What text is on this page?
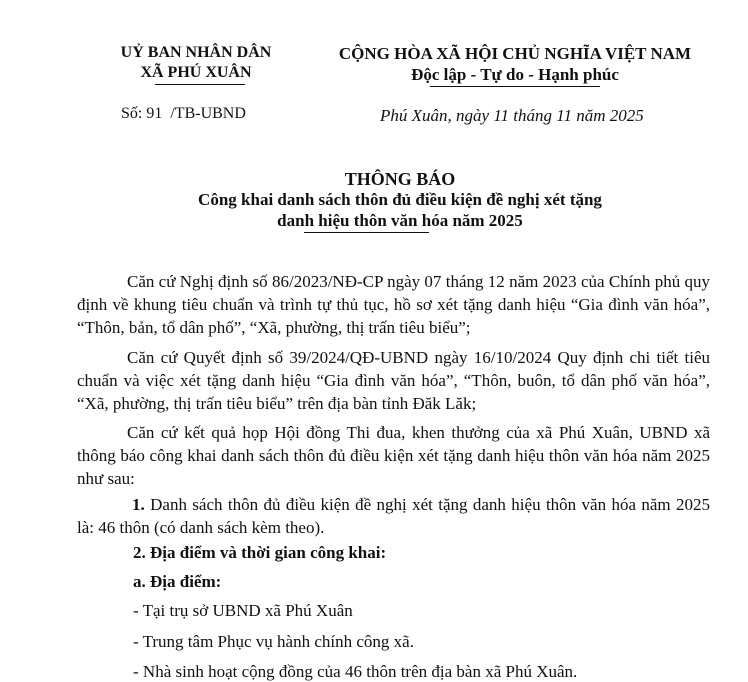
UỶ BAN NHÂN DÂN
XÃ PHÚ XUÂN
Số: 91 /TB-UBND
CỘNG HÒA XÃ HỘI CHỦ NGHĨA VIỆT NAM
Độc lập - Tự do - Hạnh phúc
Phú Xuân, ngày 11 tháng 11 năm 2025
THÔNG BÁO
Công khai danh sách thôn đủ điều kiện đề nghị xét tặng
danh hiệu thôn văn hóa năm 2025
Căn cứ Nghị định số 86/2023/NĐ-CP ngày 07 tháng 12 năm 2023 của Chính phủ quy định về khung tiêu chuẩn và trình tự thủ tục, hồ sơ xét tặng danh hiệu “Gia đình văn hóa”, “Thôn, bản, tổ dân phố”, “Xã, phường, thị trấn tiêu biểu”;
Căn cứ Quyết định số 39/2024/QĐ-UBND ngày 16/10/2024 Quy định chi tiết tiêu chuẩn và việc xét tặng danh hiệu “Gia đình văn hóa”, “Thôn, buôn, tổ dân phố văn hóa”, “Xã, phường, thị trấn tiêu biểu” trên địa bàn tỉnh Đăk Lăk;
Căn cứ kết quả họp Hội đồng Thi đua, khen thưởng của xã Phú Xuân, UBND xã thông báo công khai danh sách thôn đủ điều kiện xét tặng danh hiệu thôn văn hóa năm 2025 như sau:
1. Danh sách thôn đủ điều kiện đề nghị xét tặng danh hiệu thôn văn hóa năm 2025 là: 46 thôn (có danh sách kèm theo).
2. Địa điểm và thời gian công khai:
a. Địa điểm:
- Tại trụ sở UBND xã Phú Xuân
- Trung tâm Phục vụ hành chính công xã.
- Nhà sinh hoạt cộng đồng của 46 thôn trên địa bàn xã Phú Xuân.
